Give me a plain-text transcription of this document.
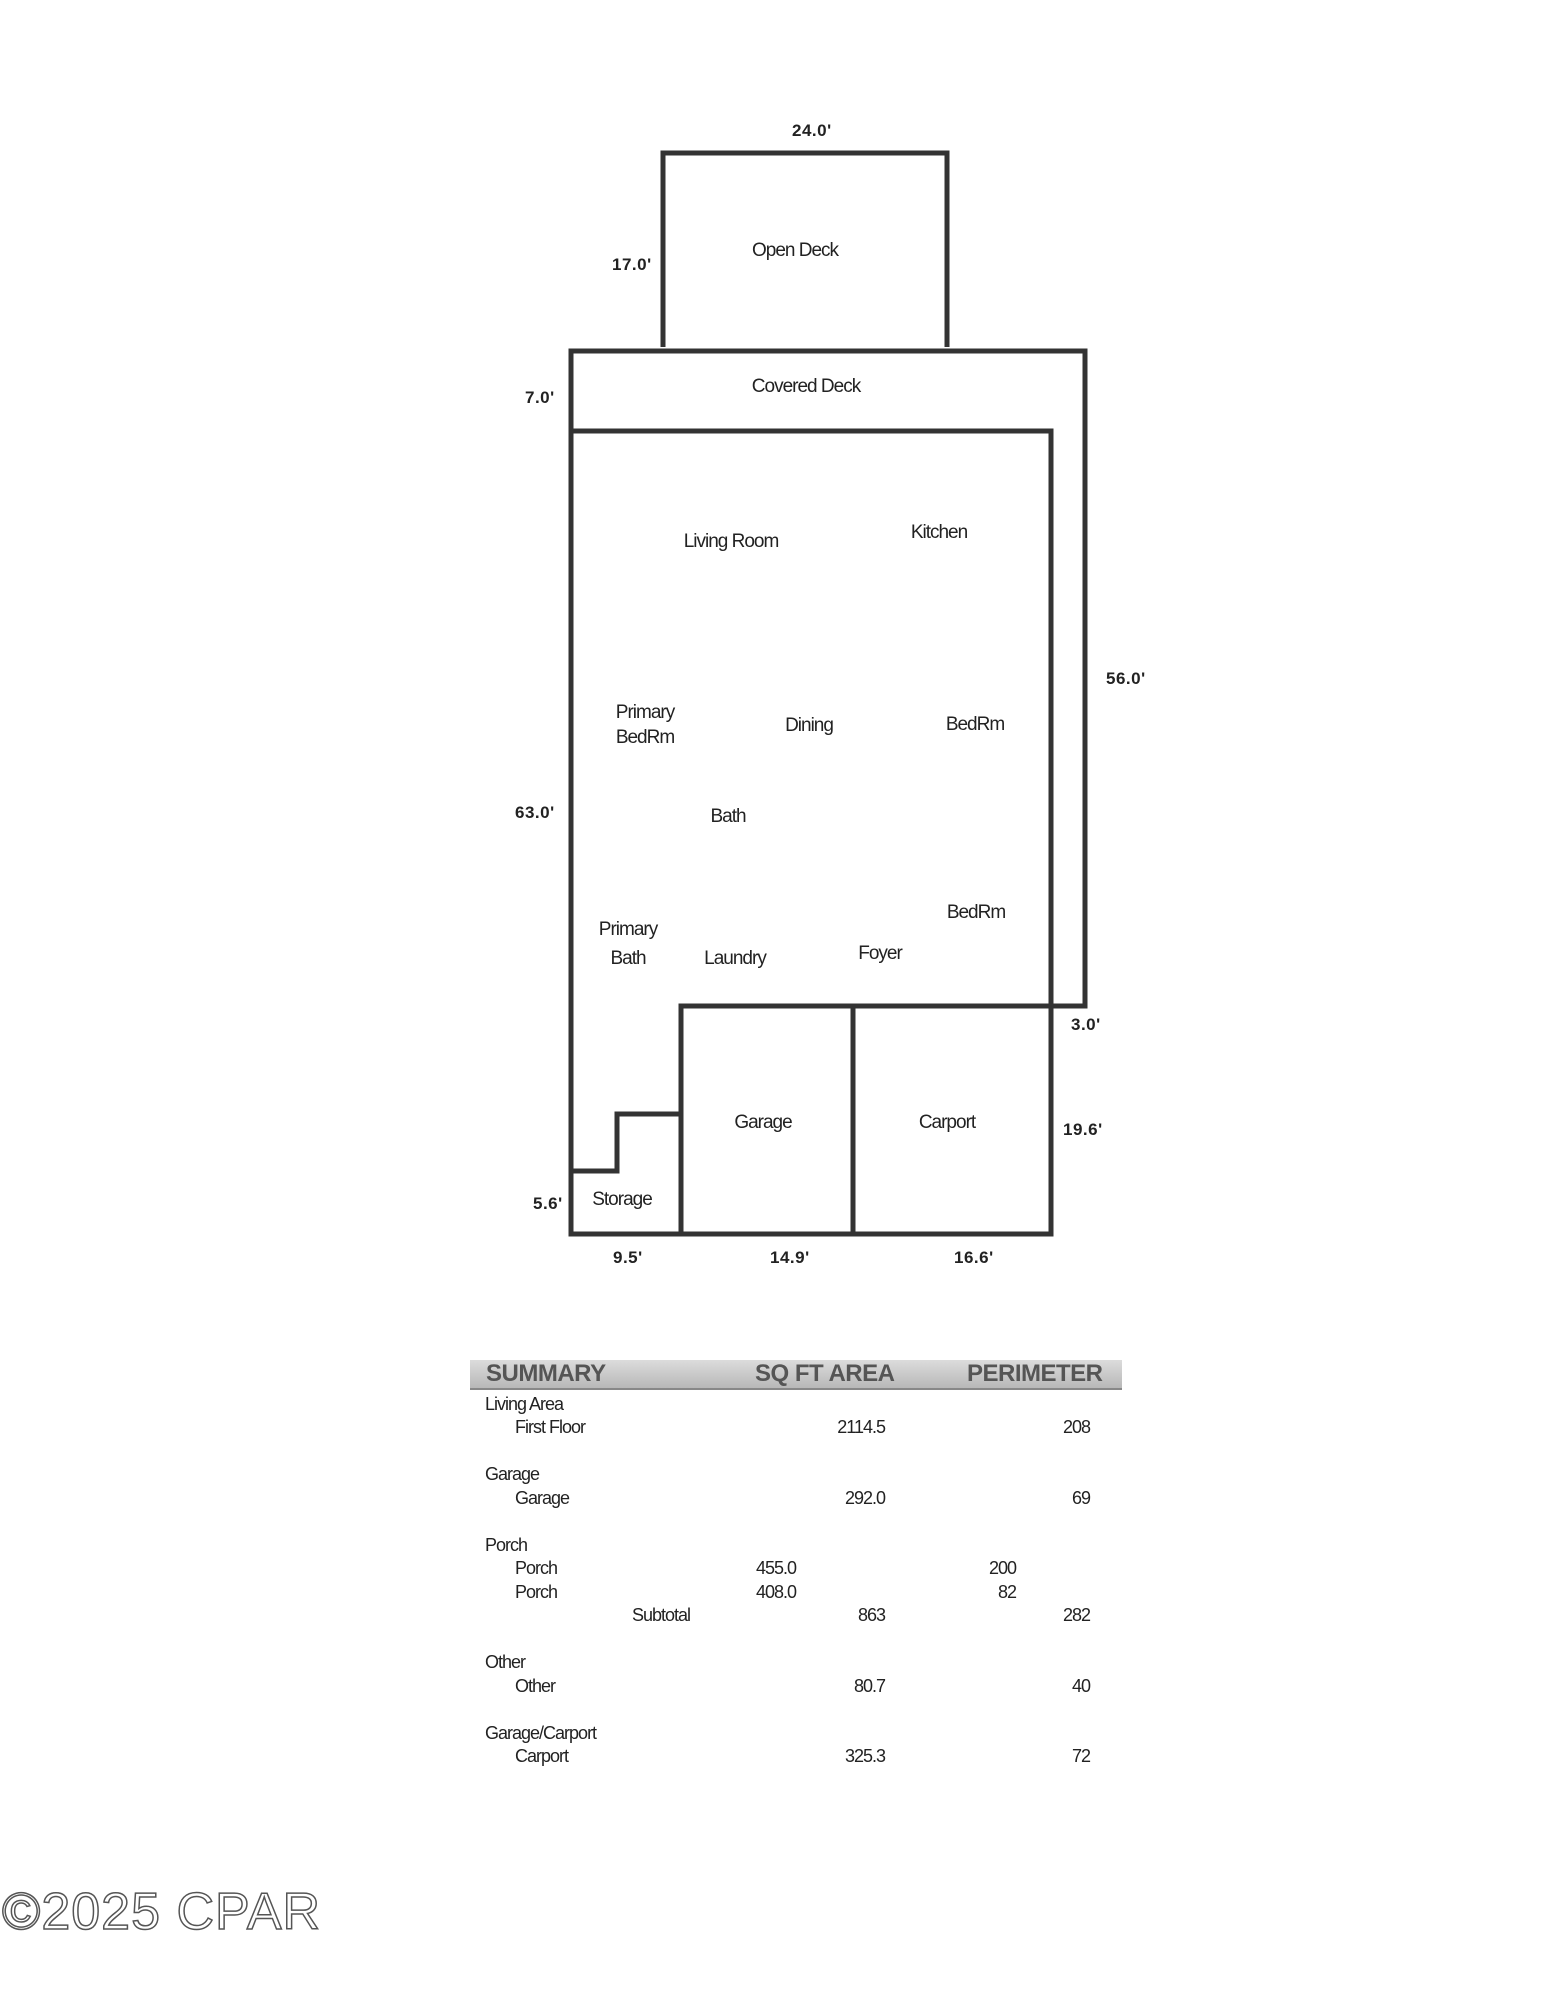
24.0'
17.0'
7.0'
56.0'
63.0'
3.0'
19.6'
5.6'
9.5'	14.9'	16.6'
Open Deck
Covered Deck
Living Room	Kitchen
Primary
BedRm
Dining	BedRm
Bath
BedRm
Primary
Bath	Laundry	Foyer
Garage	Carport
Storage
SUMMARY	SQ FT AREA	PERIMETER
Living Area
First Floor	2114.5	208
Garage
Garage	292.0	69
Porch
Porch	455.0	200
Porch	408.0	82
Subtotal	863	282
Other
Other	80.7	40
Garage/Carport
Carport	325.3	72
©2025 CPAR
